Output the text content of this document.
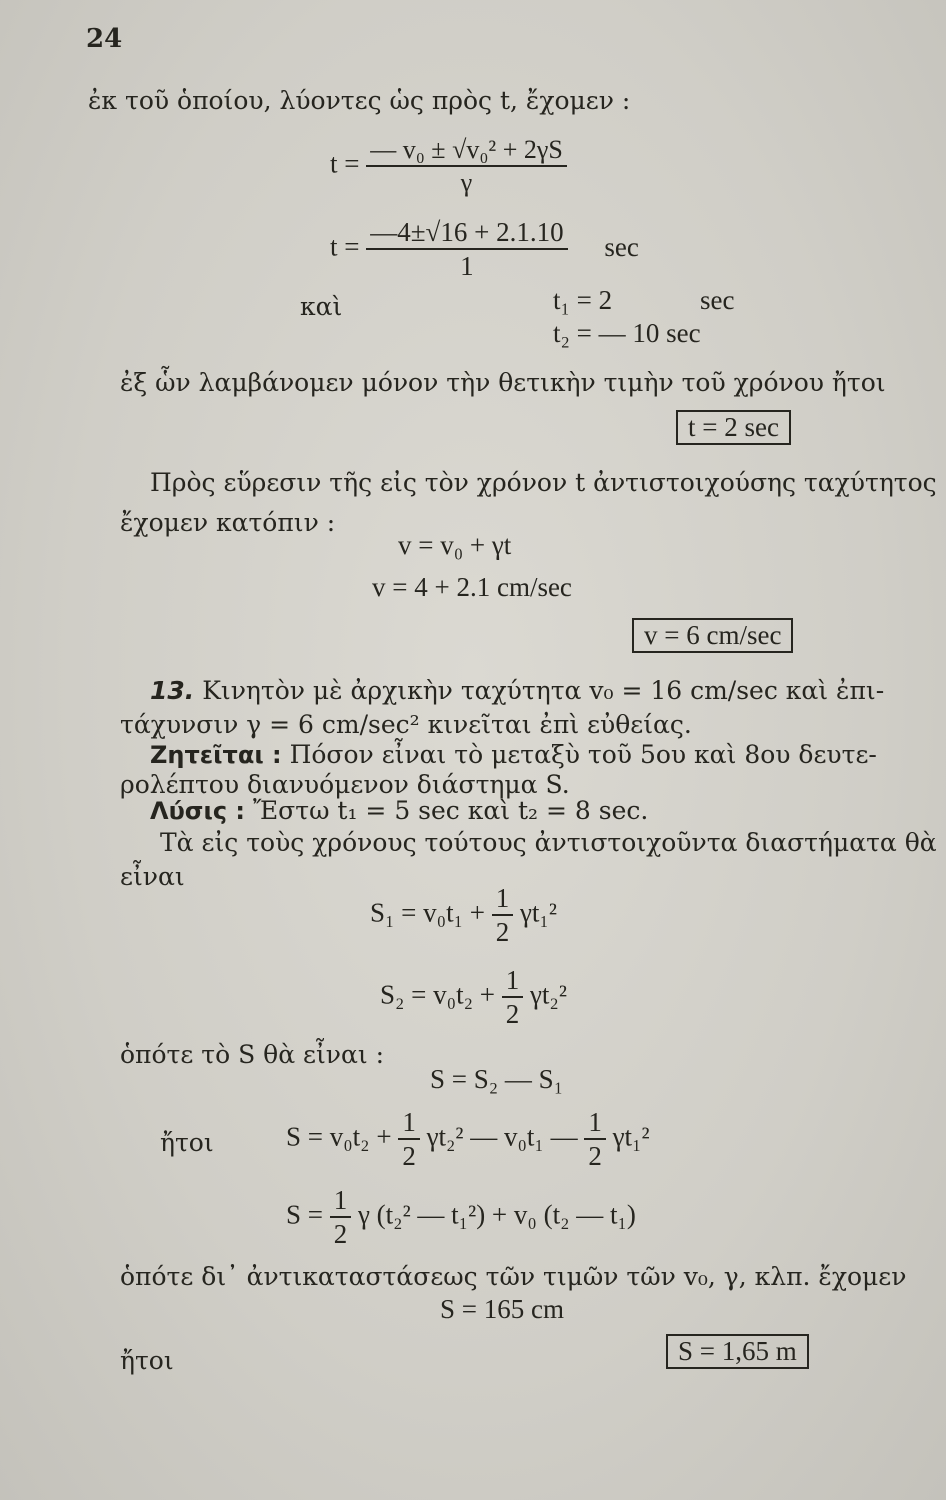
24
ἐκ τοῦ ὁποίου, λύοντες ὡς πρὸς t, ἔχομεν :
$t = \frac{\text{— v₀ ± √v₀² + 2γS}}{\gamma}$
$t = \frac{—4\pm√16 + 2.1.10}{1}$ sec
καὶ	t₁ = 2	sec
t₂ = — 10 sec
ἐξ ὧν λαμβάνομεν μόνον τὴν θετικὴν τιμὴν τοῦ χρόνου ἤτοι
t = 2 sec
Πρὸς εὕρεσιν τῆς εἰς τὸν χρόνον t ἀντιστοιχούσης ταχύτητος
ἔχομεν κατόπιν :
v = v₀ + γt
v = 4 + 2.1 cm/sec
v = 6 cm/sec
13. Κινητὸν μὲ ἀρχικὴν ταχύτητα v₀ = 16 cm/sec καὶ ἐπι-
τάχυνσιν γ = 6 cm/sec² κινεῖται ἐπὶ εὐθείας.
Ζητεῖται : Πόσον εἶναι τὸ μεταξὺ τοῦ 5ου καὶ 8ου δευτε-
ρολέπτου διανυόμενον διάστημα S.
Λύσις : Ἔστω t₁ = 5 sec καὶ t₂ = 8 sec.
Τὰ εἰς τοὺς χρόνους τούτους ἀντιστοιχοῦντα διαστήματα θὰ
εἶναι
$S_1 = v_0t_1 + \frac{1}{2} \gamma t_1^2$
$S_2 = v_0t_2 + \frac{1}{2} \gamma t_2^2$
ὁπότε τὸ S θὰ εἶναι :
S = S₂ — S₁
ἤτοι	$S = v_0t_2 + \frac{1}{2} \gamma t_2^2$ — v₀t₁ — $\frac{1}{2} \gamma t_1^2$
$S = \frac{1}{2}$ γ (t₂² — t₁²) + v₀ (t₂ — t₁)
ὁπότε δι᾽ ἀντικαταστάσεως τῶν τιμῶν τῶν v₀, γ, κλπ. ἔχομεν
S = 165 cm
ἤτοι	S = 1,65 m
